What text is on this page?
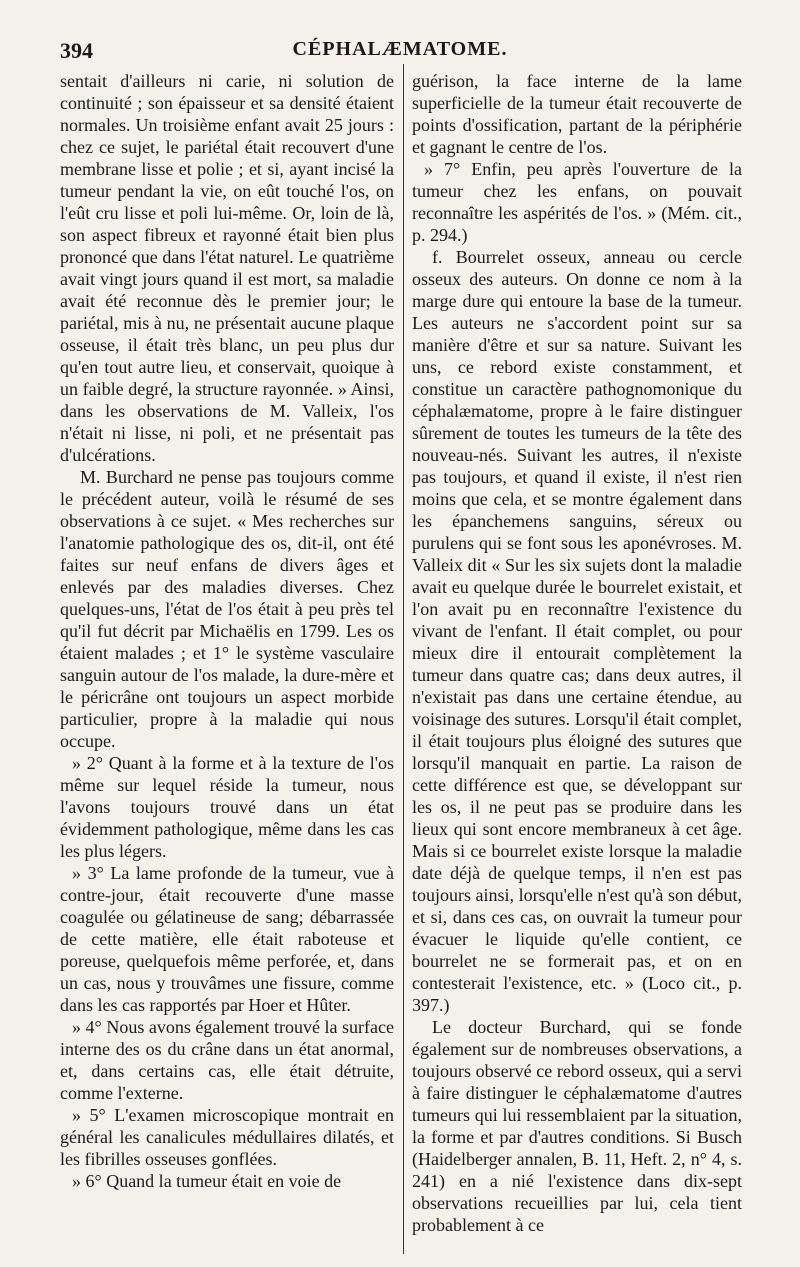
394	CÉPHALÆMATOME.

sentait d'ailleurs ni carie, ni solution de continuité ; son épaisseur et sa densité étaient normales. Un troisième enfant avait 25 jours : chez ce sujet, le pariétal était recouvert d'une membrane lisse et polie ; et si, ayant incisé la tumeur pendant la vie, on eût touché l'os, on l'eût cru lisse et poli lui-même. Or, loin de là, son aspect fibreux et rayonné était bien plus prononcé que dans l'état naturel. Le quatrième avait vingt jours quand il est mort, sa maladie avait été reconnue dès le premier jour; le pariétal, mis à nu, ne présentait aucune plaque osseuse, il était très blanc, un peu plus dur qu'en tout autre lieu, et conservait, quoique à un faible degré, la structure rayonnée. » Ainsi, dans les observations de M. Valleix, l'os n'était ni lisse, ni poli, et ne présentait pas d'ulcérations.

M. Burchard ne pense pas toujours comme le précédent auteur, voilà le résumé de ses observations à ce sujet. « Mes recherches sur l'anatomie pathologique des os, dit-il, ont été faites sur neuf enfans de divers âges et enlevés par des maladies diverses. Chez quelques-uns, l'état de l'os était à peu près tel qu'il fut décrit par Michaëlis en 1799. Les os étaient malades ; et 1° le système vasculaire sanguin autour de l'os malade, la dure-mère et le péricrâne ont toujours un aspect morbide particulier, propre à la maladie qui nous occupe.

» 2° Quant à la forme et à la texture de l'os même sur lequel réside la tumeur, nous l'avons toujours trouvé dans un état évidemment pathologique, même dans les cas les plus légers.

» 3° La lame profonde de la tumeur, vue à contre-jour, était recouverte d'une masse coagulée ou gélatineuse de sang; débarrassée de cette matière, elle était raboteuse et poreuse, quelquefois même perforée, et, dans un cas, nous y trouvâmes une fissure, comme dans les cas rapportés par Hoer et Hûter.

» 4° Nous avons également trouvé la surface interne des os du crâne dans un état anormal, et, dans certains cas, elle était détruite, comme l'externe.

» 5° L'examen microscopique montrait en général les canalicules médullaires dilatés, et les fibrilles osseuses gonflées.

» 6° Quand la tumeur était en voie de

guérison, la face interne de la lame superficielle de la tumeur était recouverte de points d'ossification, partant de la périphérie et gagnant le centre de l'os.

» 7° Enfin, peu après l'ouverture de la tumeur chez les enfans, on pouvait reconnaître les aspérités de l'os. » (Mém. cit., p. 294.)

f. Bourrelet osseux, anneau ou cercle osseux des auteurs. On donne ce nom à la marge dure qui entoure la base de la tumeur. Les auteurs ne s'accordent point sur sa manière d'être et sur sa nature. Suivant les uns, ce rebord existe constamment, et constitue un caractère pathognomonique du céphalæmatome, propre à le faire distinguer sûrement de toutes les tumeurs de la tête des nouveau-nés. Suivant les autres, il n'existe pas toujours, et quand il existe, il n'est rien moins que cela, et se montre également dans les épanchemens sanguins, séreux ou purulens qui se font sous les aponévroses. M. Valleix dit « Sur les six sujets dont la maladie avait eu quelque durée le bourrelet existait, et l'on avait pu en reconnaître l'existence du vivant de l'enfant. Il était complet, ou pour mieux dire il entourait complètement la tumeur dans quatre cas; dans deux autres, il n'existait pas dans une certaine étendue, au voisinage des sutures. Lorsqu'il était complet, il était toujours plus éloigné des sutures que lorsqu'il manquait en partie. La raison de cette différence est que, se développant sur les os, il ne peut pas se produire dans les lieux qui sont encore membraneux à cet âge. Mais si ce bourrelet existe lorsque la maladie date déjà de quelque temps, il n'en est pas toujours ainsi, lorsqu'elle n'est qu'à son début, et si, dans ces cas, on ouvrait la tumeur pour évacuer le liquide qu'elle contient, ce bourrelet ne se formerait pas, et on en contesterait l'existence, etc. » (Loco cit., p. 397.)

Le docteur Burchard, qui se fonde également sur de nombreuses observations, a toujours observé ce rebord osseux, qui a servi à faire distinguer le céphalæmatome d'autres tumeurs qui lui ressemblaient par la situation, la forme et par d'autres conditions. Si Busch (Haidelberger annalen, B. 11, Heft. 2, n° 4, s. 241) en a nié l'existence dans dix-sept observations recueillies par lui, cela tient probablement à ce
